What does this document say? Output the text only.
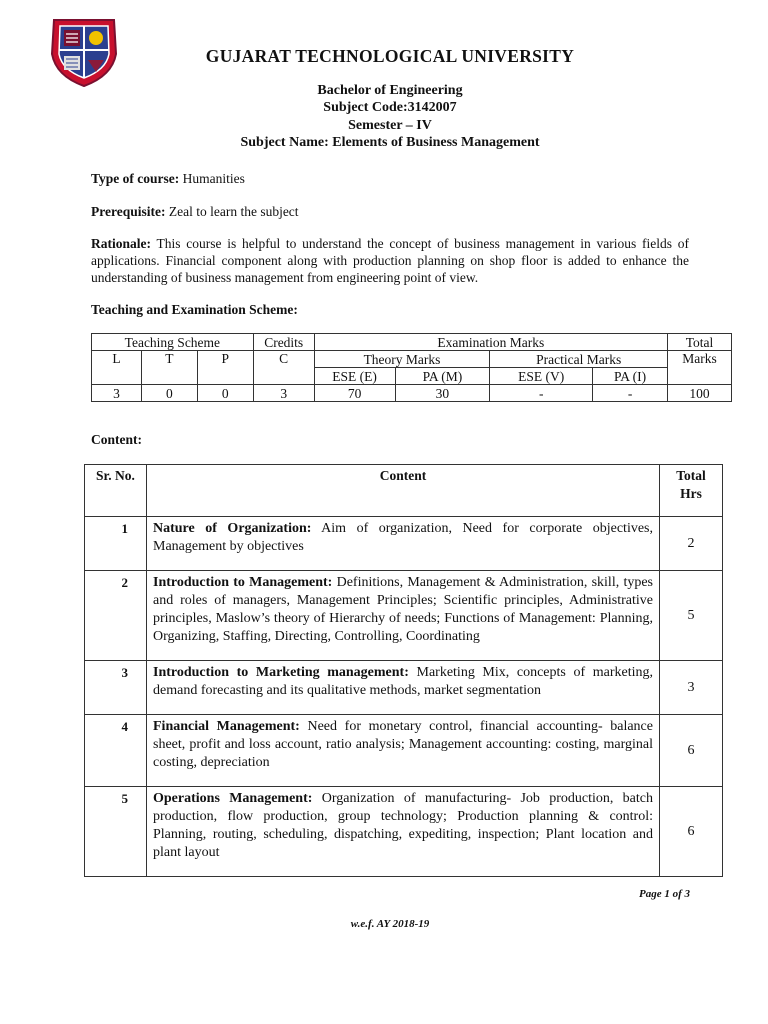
GUJARAT TECHNOLOGICAL UNIVERSITY
Bachelor of Engineering
Subject Code:3142007
Semester – IV
Subject Name: Elements of Business Management
Type of course: Humanities
Prerequisite: Zeal to learn the subject
Rationale: This course is helpful to understand the concept of business management in various fields of applications. Financial component along with production planning on shop floor is added to enhance the understanding of business management from engineering point of view.
Teaching and Examination Scheme:
Teaching Scheme			Credits	Examination Marks				Total
L	T	P	C	Theory Marks		Practical Marks		Marks
				ESE (E)	PA (M)	ESE (V)	PA (I)	
3	0	0	3	70	30	-	-	100
Content:
Sr. No.	Content	Total
Hrs
1	Nature of Organization: Aim of organization, Need for corporate objectives, Management by objectives	2
2	Introduction to Management: Definitions, Management & Administration, skill, types and roles of managers, Management Principles; Scientific principles, Administrative principles, Maslow’s theory of Hierarchy of needs; Functions of Management: Planning, Organizing, Staffing, Directing, Controlling, Coordinating	5
3	Introduction to Marketing management: Marketing Mix, concepts of marketing, demand forecasting and its qualitative methods, market segmentation	3
4	Financial Management: Need for monetary control, financial accounting- balance sheet, profit and loss account, ratio analysis; Management accounting: costing, marginal costing, depreciation	6
5	Operations Management: Organization of manufacturing- Job production, batch production, flow production, group technology; Production planning & control: Planning, routing, scheduling, dispatching, expediting, inspection; Plant location and plant layout	6
Page 1 of 3
w.e.f. AY 2018-19
